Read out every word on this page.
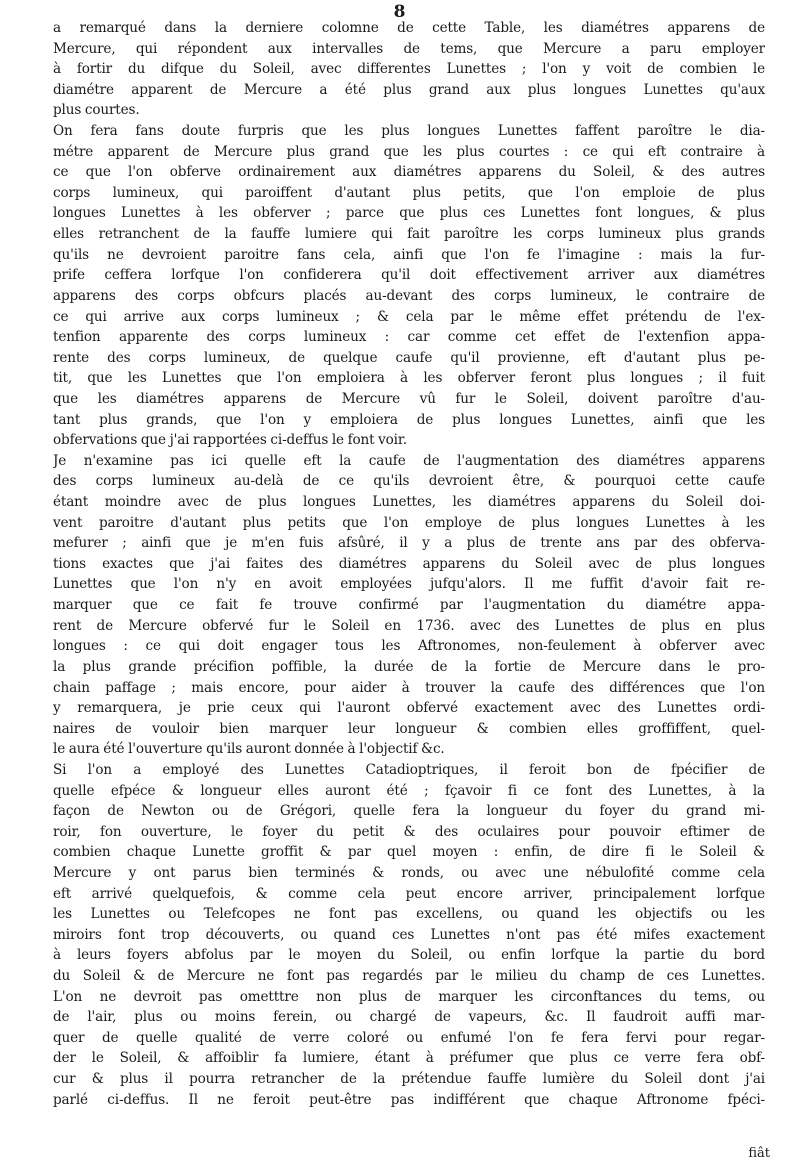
8
a remarqué dans la derniere colomne de cette Table, les diamétres apparens de
Mercure, qui répondent aux intervalles de tems, que Mercure a paru employer
à fortir du difque du Soleil, avec differentes Lunettes ; l'on y voit de combien le
diamétre apparent de Mercure a été plus grand aux plus longues Lunettes qu'aux
plus courtes.
On fera fans doute furpris que les plus longues Lunettes faffent paroître le dia-
métre apparent de Mercure plus grand que les plus courtes : ce qui eft contraire à
ce que l'on obferve ordinairement aux diamétres apparens du Soleil, & des autres
corps lumineux, qui paroiffent d'autant plus petits, que l'on emploie de plus
longues Lunettes à les obferver ; parce que plus ces Lunettes font longues, & plus
elles retranchent de la fauffe lumiere qui fait paroître les corps lumineux plus grands
qu'ils ne devroient paroitre fans cela, ainfi que l'on fe l'imagine : mais la fur-
prife ceffera lorfque l'on confiderera qu'il doit effectivement arriver aux diamétres
apparens des corps obfcurs placés au-devant des corps lumineux, le contraire de
ce qui arrive aux corps lumineux ; & cela par le même effet prétendu de l'ex-
tenfion apparente des corps lumineux : car comme cet effet de l'extenfion appa-
rente des corps lumineux, de quelque caufe qu'il provienne, eft d'autant plus pe-
tit, que les Lunettes que l'on emploiera à les obferver feront plus longues ; il fuit
que les diamétres apparens de Mercure vû fur le Soleil, doivent paroître d'au-
tant plus grands, que l'on y emploiera de plus longues Lunettes, ainfi que les
obfervations que j'ai rapportées ci-deffus le font voir.
Je n'examine pas ici quelle eft la caufe de l'augmentation des diamétres apparens
des corps lumineux au-delà de ce qu'ils devroient être, & pourquoi cette caufe
étant moindre avec de plus longues Lunettes, les diamétres apparens du Soleil doi-
vent paroitre d'autant plus petits que l'on employe de plus longues Lunettes à les
mefurer ; ainfi que je m'en fuis afsûré, il y a plus de trente ans par des obferva-
tions exactes que j'ai faites des diamétres apparens du Soleil avec de plus longues
Lunettes que l'on n'y en avoit employées jufqu'alors. Il me fuffit d'avoir fait re-
marquer que ce fait fe trouve confirmé par l'augmentation du diamétre appa-
rent de Mercure obfervé fur le Soleil en 1736. avec des Lunettes de plus en plus
longues : ce qui doit engager tous les Aftronomes, non-feulement à obferver avec
la plus grande précifion poffible, la durée de la fortie de Mercure dans le pro-
chain paffage ; mais encore, pour aider à trouver la caufe des différences que l'on
y remarquera, je prie ceux qui l'auront obfervé exactement avec des Lunettes ordi-
naires de vouloir bien marquer leur longueur & combien elles groffiffent, quel-
le aura été l'ouverture qu'ils auront donnée à l'objectif &c.
Si l'on a employé des Lunettes Catadioptriques, il feroit bon de fpécifier de
quelle efpéce & longueur elles auront été ; fçavoir fi ce font des Lunettes, à la
façon de Newton ou de Grégori, quelle fera la longueur du foyer du grand mi-
roir, fon ouverture, le foyer du petit & des oculaires pour pouvoir eftimer de
combien chaque Lunette groffit & par quel moyen : enfin, de dire fi le Soleil &
Mercure y ont parus bien terminés & ronds, ou avec une nébulofité comme cela
eft arrivé quelquefois, & comme cela peut encore arriver, principalement lorfque
les Lunettes ou Telefcopes ne font pas excellens, ou quand les objectifs ou les
miroirs font trop découverts, ou quand ces Lunettes n'ont pas été mifes exactement
à leurs foyers abfolus par le moyen du Soleil, ou enfin lorfque la partie du bord
du Soleil & de Mercure ne font pas regardés par le milieu du champ de ces Lunettes.
L'on ne devroit pas ometttre non plus de marquer les circonftances du tems, ou
de l'air, plus ou moins ferein, ou chargé de vapeurs, &c. Il faudroit auffi mar-
quer de quelle qualité de verre coloré ou enfumé l'on fe fera fervi pour regar-
der le Soleil, & affoiblir fa lumiere, étant à préfumer que plus ce verre fera obf-
cur & plus il pourra retrancher de la prétendue fauffe lumière du Soleil dont j'ai
parlé ci-deffus. Il ne feroit peut-être pas indifférent que chaque Aftronome fpéci-
fiât
